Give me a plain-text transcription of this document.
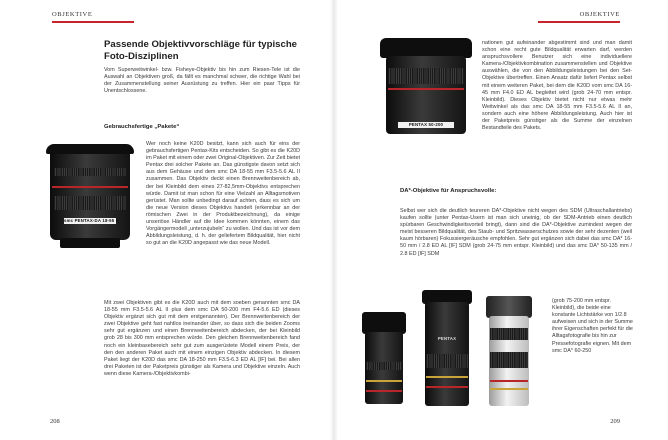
OBJEKTIVE
Passende Objektivvorschläge für typische Foto-Disziplinen

Vom Superweitwinkel- bzw. Fisheye-Objektiv bis hin zum Riesen-Tele ist die Auswahl an Objektiven groß, da fällt es manchmal schwer, die richtige Wahl bei der Zusammenstellung seiner Ausrüstung zu treffen. Hier ein paar Tipps für Unentschlossene.

Gebrauchsfertige „Pakete“

smc PENTAX-DA 18-55 II

Wer noch keine K20D besitzt, kann sich auch für eins der gebrauchsfertigen Pentax-Kits entscheiden. So gibt es die K20D im Paket mit einem oder zwei Original-Objektiven. Zur Zeit bietet Pentax drei solcher Pakete an. Das günstigste davon setzt sich aus dem Gehäuse und dem smc DA 18-55 mm F3.5-5.6 AL II zusammen. Das Objektiv deckt einen Brennweitenbereich ab, der bei Kleinbild dem eines 27-82,5mm-Objektivs entsprechen würde. Damit ist man schon für eine Vielzahl an Alltagsmotiven gerüstet. Man sollte unbedingt darauf achten, dass es sich um die neue Version dieses Objektivs handelt (erkennbar an der römischen Zwei in der Produktbezeichnung), da einige unseriöse Händler auf die Idee kommen könnten, einem das Vorgängermodell „unterzujubeln“ zu wollen. Und das ist vor dem Abbildungsleistung, d. h. der geliefertem Bildqualität, hier nicht so gut an die K20D angepasst wie das neue Modell.

Mit zwei Objektiven gibt es die K20D auch mit dem soeben genannten smc DA 18-55 mm F3.5-5.6 AL II plus dem smc DA 50-200 mm F4-5.6 ED (dieses Objektiv ergänzt sich gut mit dem erstgenannten). Der Brennweitenbereich der zwei Objektive geht fast nahtlos ineinander über, so dass sich die beiden Zooms sehr gut ergänzen und einen Brennweitenbereich abdecken, der bei Kleinbild grob 28 bis 300 mm entsprechen würde. Den gleichen Brennweitenbereich fand noch ein kleinbasebereich sehr gut zum ausgerüstete Modell einem Preis, der den den anderen Paket auch mit einem einzigen Objektiv abdecken. In diesem Paket liegt der K20D das smc DA 18-250 mm F3.5-6.3 ED AL [IF] bei. Bei allen drei Paketen ist der Paketpreis günstiger als Kamera und Objektive einzeln. Auch wenn diese Kamera-/Objektivkombi-

208
OBJEKTIVE
PENTAX 50-200

nationen gut aufeinander abgestimmt sind und man damit schon eine recht gute Bildqualität erwarten darf, werden anspruchsvollere Benutzer sich eine individuellere Kamera-/Objektivkombination zusammenstellen und Objektive auswählen, die von den Abbildungsleistungen bei den Set-Objektive übertreffen. Einen Ansatz dafür liefert Pentax selbst mit einem weiteren Paket, bei dem die K20D vom smc DA 16-45 mm F4.0 ED AL begleitet wird (grob 24-70 mm entspr. Kleinbild). Dieses Objektiv bietet nicht nur etwas mehr Weitwinkel als das smc DA 18-55 mm F3.5-5.6 AL II an, sondern auch eine höhere Abbildungsleistung. Auch hier ist der Paketpreis günstiger als die Summe der einzelnen Bestandteile des Pakets.

DA*-Objektive für Anspruchsvolle:

Selbst wer sich die deutlich teureren DA*-Objektive nicht wegen des SDM (Ultraschallantriebs) kaufen sollte (unter Pentax-Usern ist man sich uneinig, ob der SDM-Antrieb einen deutlich spürbaren Geschwindigkeitsvorteil bringt), dann sind die DA*-Objektive zumindest wegen der meist besseren Bildqualität, des Staub- und Spritzwasserschutzes sowie der sehr dezenten (weil kaum hörbaren) Fokussiergeräusche empfohlen. Sehr gut ergänzen sich dabei das smc DA* 16-50 mm / 2.8 ED AL [IF] SDM (grob 24-75 mm entspr. Kleinbild) und das smc DA* 50-135 mm / 2.8 ED [IF] SDM

PENTAX

(grob 75-200 mm entspr. Kleinbild), die beide eine konstante Lichtstärke von 1/2.8 aufweisen und sich in der Summe ihrer Eigenschaften perfekt für die Alltagsfotografie bis hin zur Pressefotografie eignen. Mit dem smc DA* 60-250

209
